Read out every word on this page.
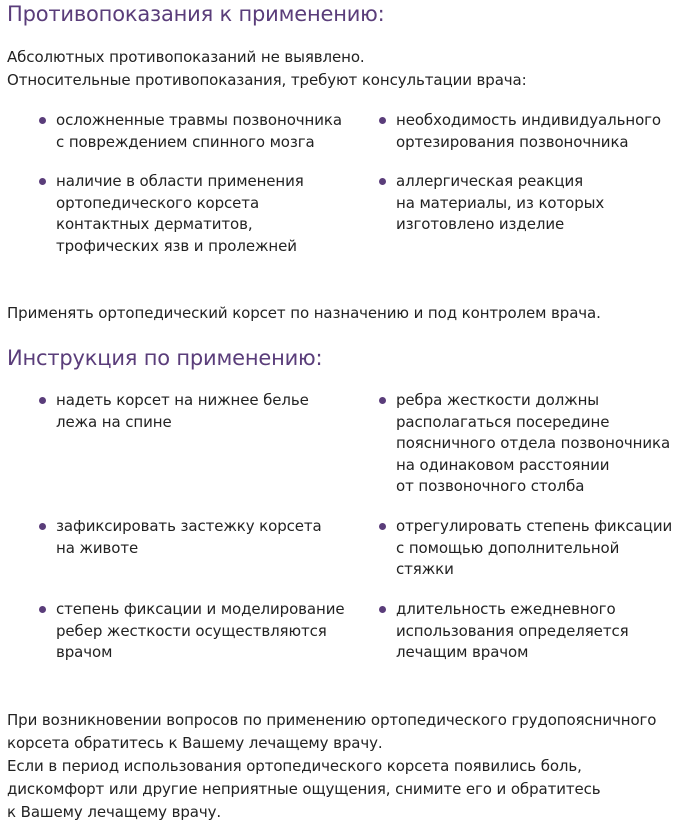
Противопоказания к применению:
Абсолютных противопоказаний не выявлено.
Относительные противопоказания, требуют консультации врача:
осложненные травмы позвоночника
с повреждением спинного мозга
необходимость индивидуального
ортезирования позвоночника
наличие в области применения
ортопедического корсета
контактных дерматитов,
трофических язв и пролежней
аллергическая реакция
на материалы, из которых
изготовлено изделие
Применять ортопедический корсет по назначению и под контролем врача.
Инструкция по применению:
надеть корсет на нижнее белье
лежа на спине
ребра жесткости должны
располагаться посередине
поясничного отдела позвоночника
на одинаковом расстоянии
от позвоночного столба
зафиксировать застежку корсета
на животе
отрегулировать степень фиксации
с помощью дополнительной
стяжки
степень фиксации и моделирование
ребер жесткости осуществляются
врачом
длительность ежедневного
использования определяется
лечащим врачом
При возникновении вопросов по применению ортопедического грудопоясничного
корсета обратитесь к Вашему лечащему врачу.
Если в период использования ортопедического корсета появились боль,
дискомфорт или другие неприятные ощущения, снимите его и обратитесь
к Вашему лечащему врачу.
